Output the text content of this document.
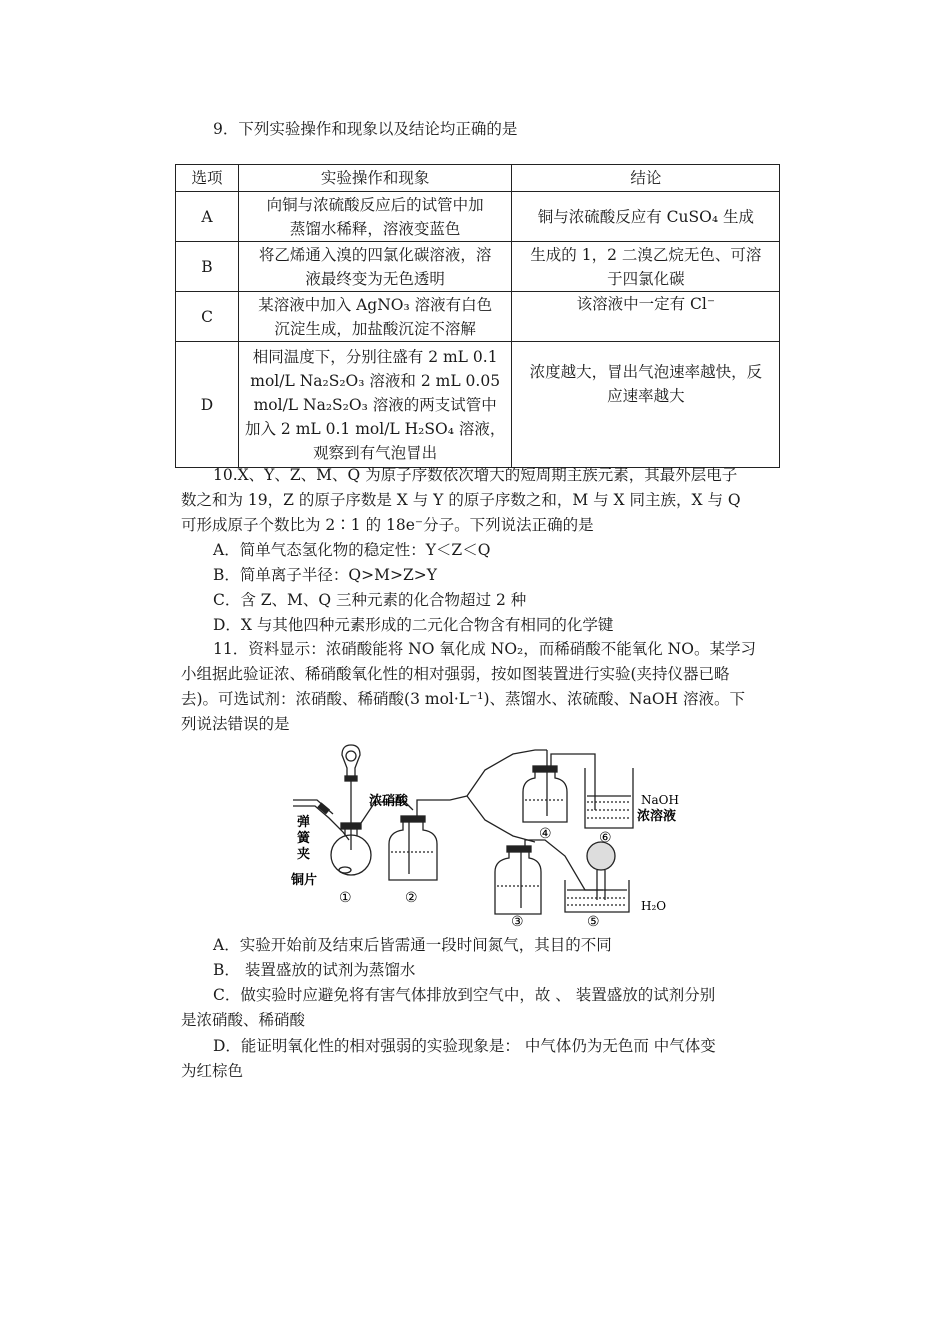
9．下列实验操作和现象以及结论均正确的是
选项	实验操作和现象	结论
A	向铜与浓硫酸反应后的试管中加
蒸馏水稀释，溶液变蓝色	铜与浓硫酸反应有 CuSO₄ 生成

B	将乙烯通入溴的四氯化碳溶液，溶
液最终变为无色透明	生成的 1，2 二溴乙烷无色、可溶
于四氯化碳

C	某溶液中加入 AgNO₃ 溶液有白色
沉淀生成，加盐酸沉淀不溶解	该溶液中一定有 Cl⁻

D	相同温度下，分别往盛有 2 mL 0.1
mol/L Na₂S₂O₃ 溶液和 2 mL 0.05
mol/L Na₂S₂O₃ 溶液的两支试管中
加入 2 mL 0.1 mol/L H₂SO₄ 溶液，
观察到有气泡冒出	浓度越大，冒出气泡速率越快，反
应速率越大
10.X、Y、Z、M、Q 为原子序数依次增大的短周期主族元素，其最外层电子
数之和为 19，Z 的原子序数是 X 与 Y 的原子序数之和，M 与 X 同主族，X 与 Q
可形成原子个数比为 2∶1 的 18e⁻分子。下列说法正确的是
A．简单气态氢化物的稳定性：Y＜Z＜Q
B．简单离子半径：Q>M>Z>Y
C．含 Z、M、Q 三种元素的化合物超过 2 种
D．X 与其他四种元素形成的二元化合物含有相同的化学键
11．资料显示：浓硝酸能将 NO 氧化成 NO₂，而稀硝酸不能氧化 NO。某学习
小组据此验证浓、稀硝酸氧化性的相对强弱，按如图装置进行实验(夹持仪器已略
去)。可选试剂：浓硝酸、稀硝酸(3 mol·L⁻¹)、蒸馏水、浓硫酸、NaOH 溶液。下
列说法错误的是
浓硝酸
弹
簧
夹
铜片
NaOH
浓溶液
H₂O
①	②
③
④
⑤
⑥
A．实验开始前及结束后皆需通一段时间氮气，其目的不同
B． 装置盛放的试剂为蒸馏水
C．做实验时应避免将有害气体排放到空气中，故 、 装置盛放的试剂分别
是浓硝酸、稀硝酸
D．能证明氧化性的相对强弱的实验现象是： 中气体仍为无色而 中气体变
为红棕色
